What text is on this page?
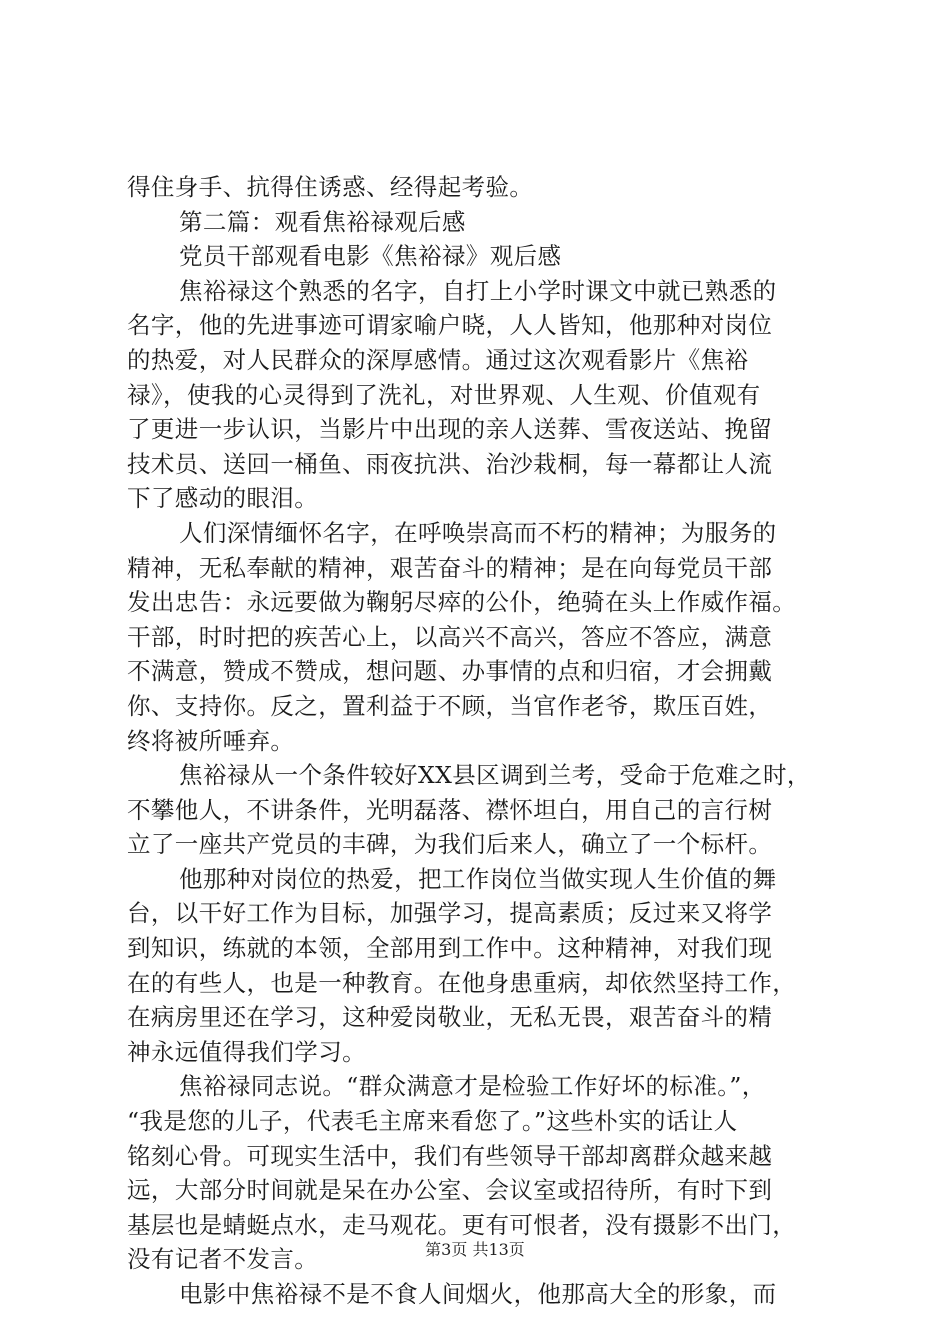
得住身手、抗得住诱惑、经得起考验。
第二篇：观看焦裕禄观后感
党员干部观看电影《焦裕禄》观后感
焦裕禄这个熟悉的名字，自打上小学时课文中就已熟悉的
名字，他的先进事迹可谓家喻户晓，人人皆知，他那种对岗位
的热爱，对人民群众的深厚感情。通过这次观看影片《焦裕
禄》，使我的心灵得到了洗礼，对世界观、人生观、价值观有
了更进一步认识，当影片中出现的亲人送葬、雪夜送站、挽留
技术员、送回一桶鱼、雨夜抗洪、治沙栽桐，每一幕都让人流
下了感动的眼泪。
人们深情缅怀名字，在呼唤崇高而不朽的精神；为服务的
精神，无私奉献的精神，艰苦奋斗的精神；是在向每党员干部
发出忠告：永远要做为鞠躬尽瘁的公仆，绝骑在头上作威作福。
干部，时时把的疾苦心上，以高兴不高兴，答应不答应，满意
不满意，赞成不赞成，想问题、办事情的点和归宿，才会拥戴
你、支持你。反之，置利益于不顾，当官作老爷，欺压百姓，
终将被所唾弃。
焦裕禄从一个条件较好XX县区调到兰考，受命于危难之时，
不攀他人，不讲条件，光明磊落、襟怀坦白，用自己的言行树
立了一座共产党员的丰碑，为我们后来人，确立了一个标杆。
他那种对岗位的热爱，把工作岗位当做实现人生价值的舞
台，以干好工作为目标，加强学习，提高素质；反过来又将学
到知识，练就的本领，全部用到工作中。这种精神，对我们现
在的有些人，也是一种教育。在他身患重病，却依然坚持工作，
在病房里还在学习，这种爱岗敬业，无私无畏，艰苦奋斗的精
神永远值得我们学习。
焦裕禄同志说。“群众满意才是检验工作好坏的标准。”，
“我是您的儿子，代表毛主席来看您了。”这些朴实的话让人
铭刻心骨。可现实生活中，我们有些领导干部却离群众越来越
远，大部分时间就是呆在办公室、会议室或招待所，有时下到
基层也是蜻蜓点水，走马观花。更有可恨者，没有摄影不出门，
没有记者不发言。
电影中焦裕禄不是不食人间烟火，他那高大全的形象，而
第3页 共13页
